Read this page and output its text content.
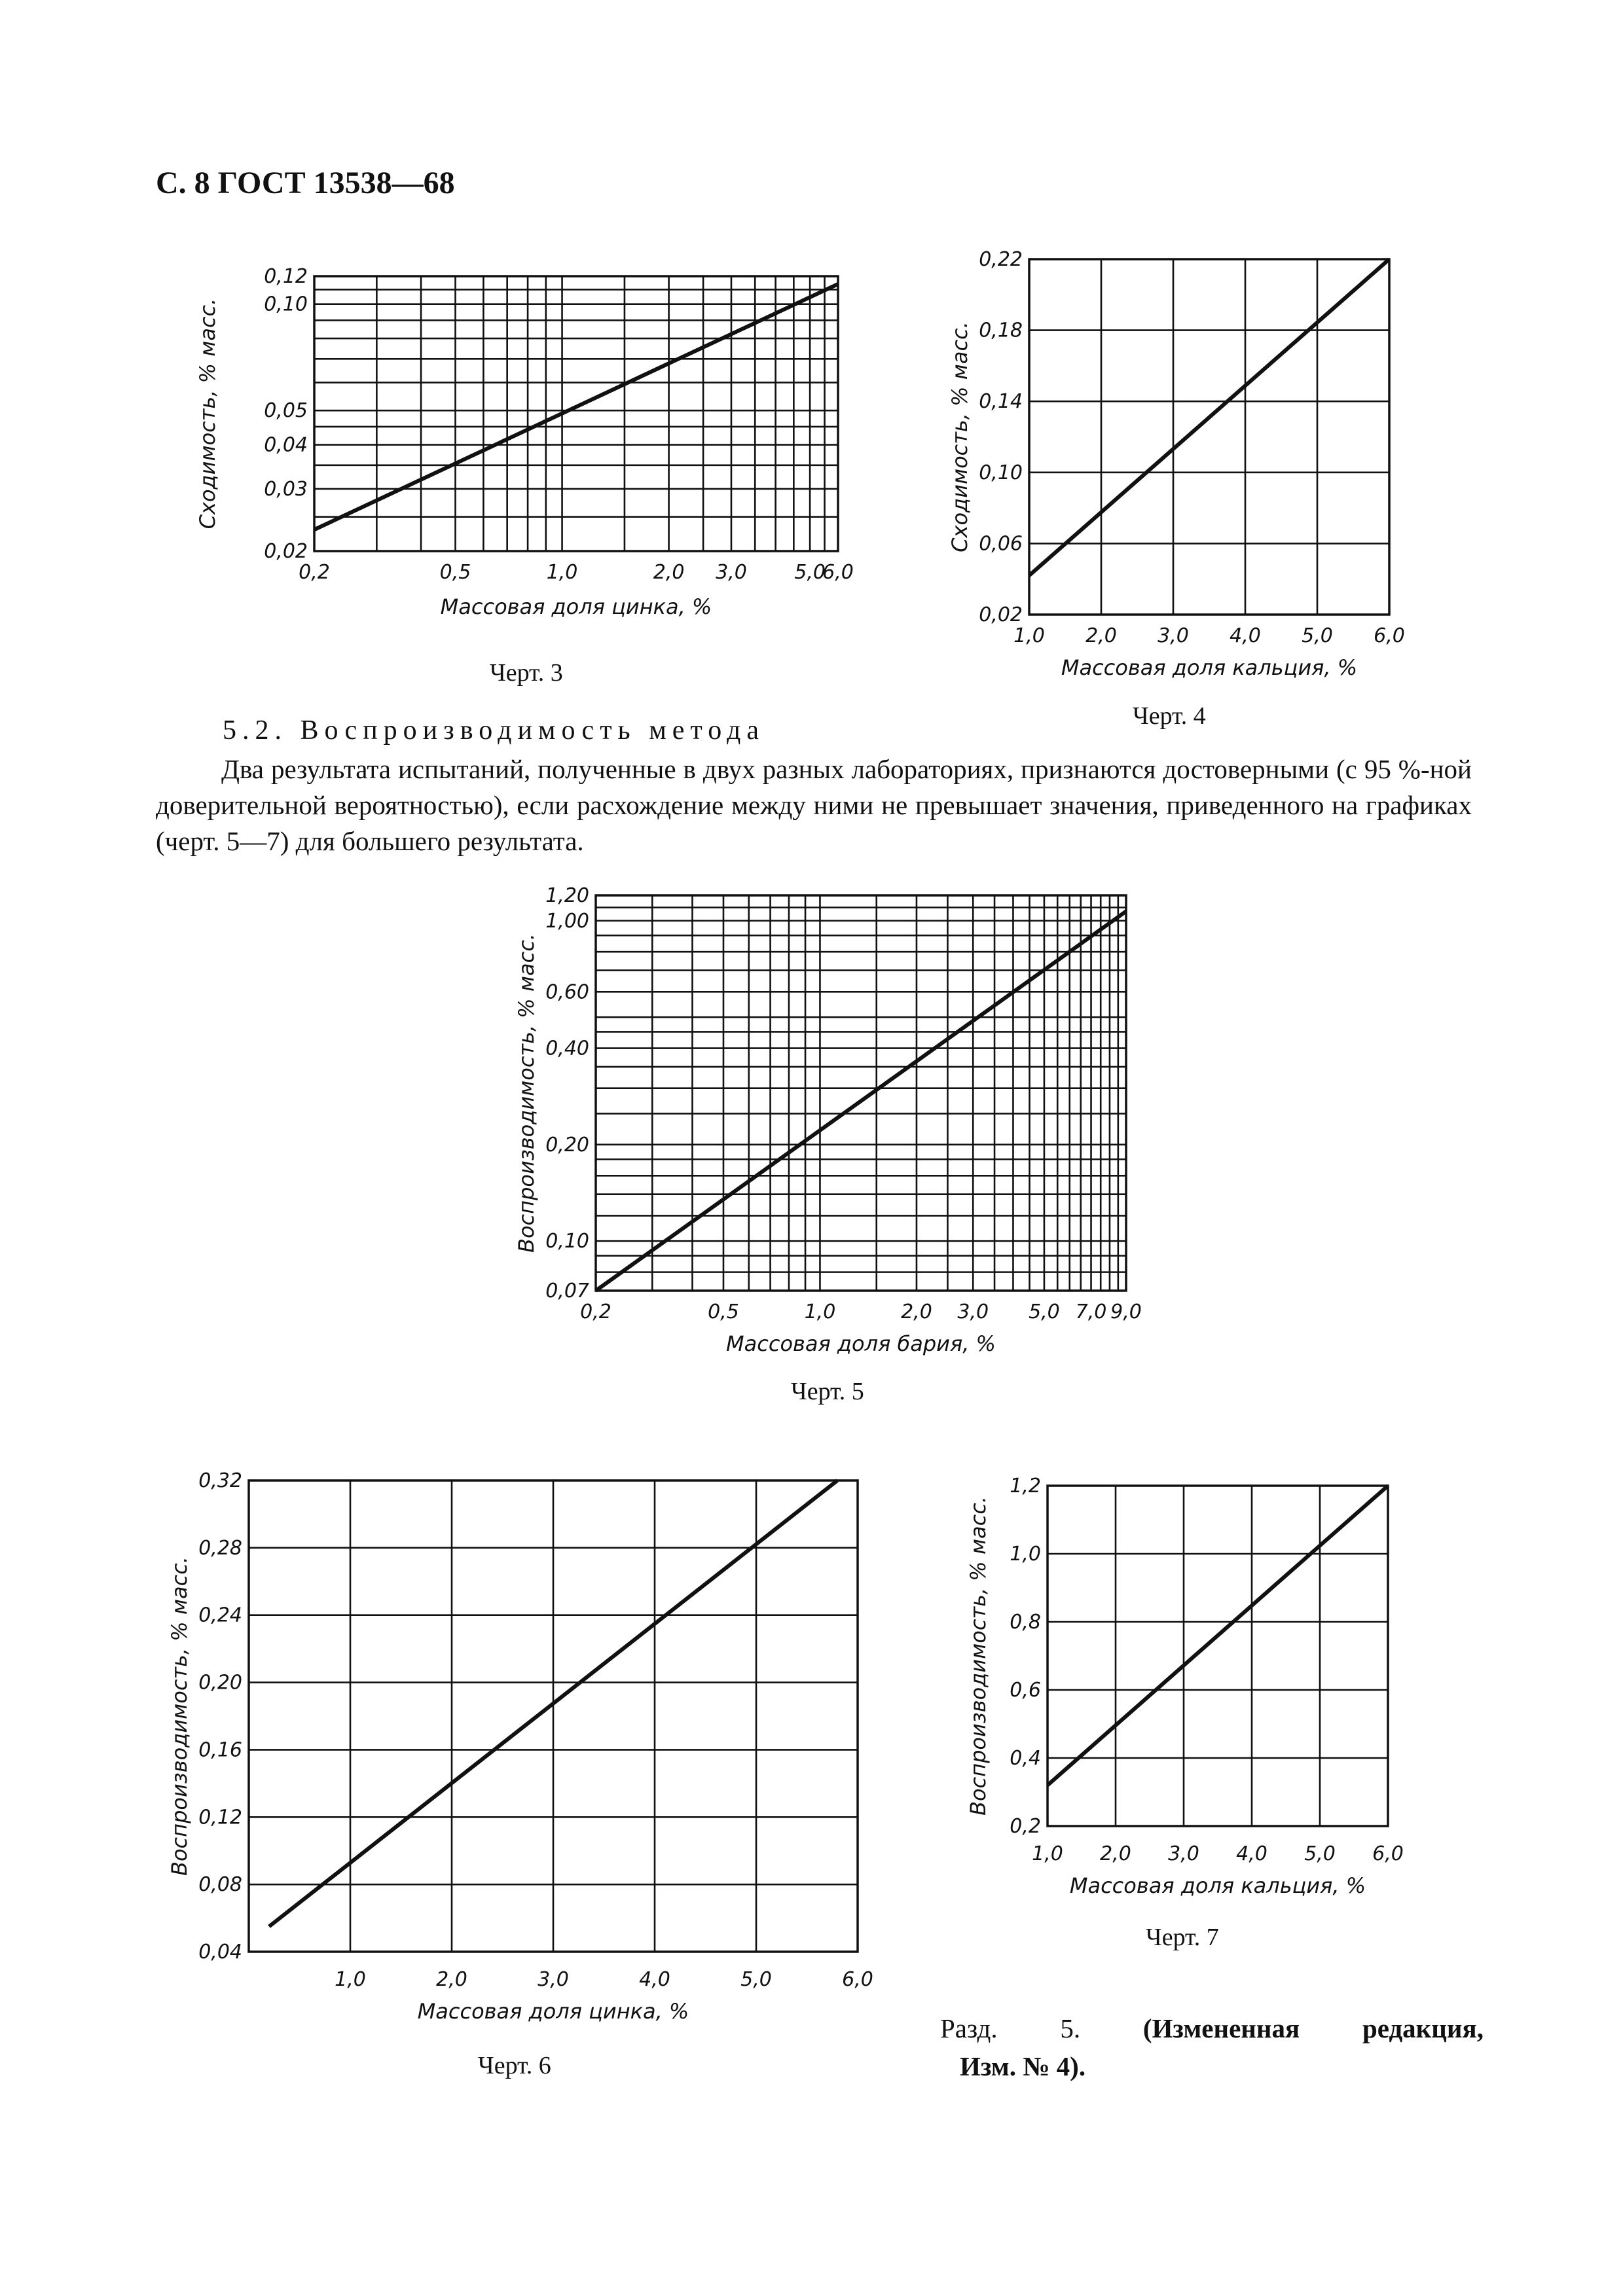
С. 8 ГОСТ 13538—68
0,2	0,5	1,0	2,0 3,0 5,0
6,0
0,02
0,03
0,04
0,05
0,10
0,12
Массовая доля цинка, %
Сходимость, % масс.
1,0 2,0 3,0 4,0 5,0 6,0
0,02
0,06
0,10
0,14
0,18
0,22
Массовая доля кальция, %
Сходимость, % масс.
Черт. 3
Черт. 4
5.2. Воспроизводимость метода

Два результата испытаний, полученные в двух разных лабораториях, признаются достоверными (с 95 %-ной доверительной вероятностью), если расхождение между ними не превышает значения, приведенного на графиках (черт. 5—7) для большего результата.

0,2	0,5	1,0	2,0 3,0 5,0 7,0 9,0
0,07
0,10
0,20
0,40
0,60
1,00
1,20
Массовая доля бария, %
Воспроизводимость, % масс.
Черт. 5
1,0	2,0	3,0	4,0	5,0	6,0
0,04
0,08
0,12
0,16
0,20
0,24
0,28
0,32
Массовая доля цинка, %
Воспроизводимость, % масс.	1,0 2,0 3,0 4,0 5,0 6,0
0,2
0,4
0,6
0,8
1,0
1,2
Массовая доля кальция, %
Воспроизводимость, % масс.
Черт. 6
Черт. 7
Разд. 5. (Измененная редакция,
Изм. № 4).
